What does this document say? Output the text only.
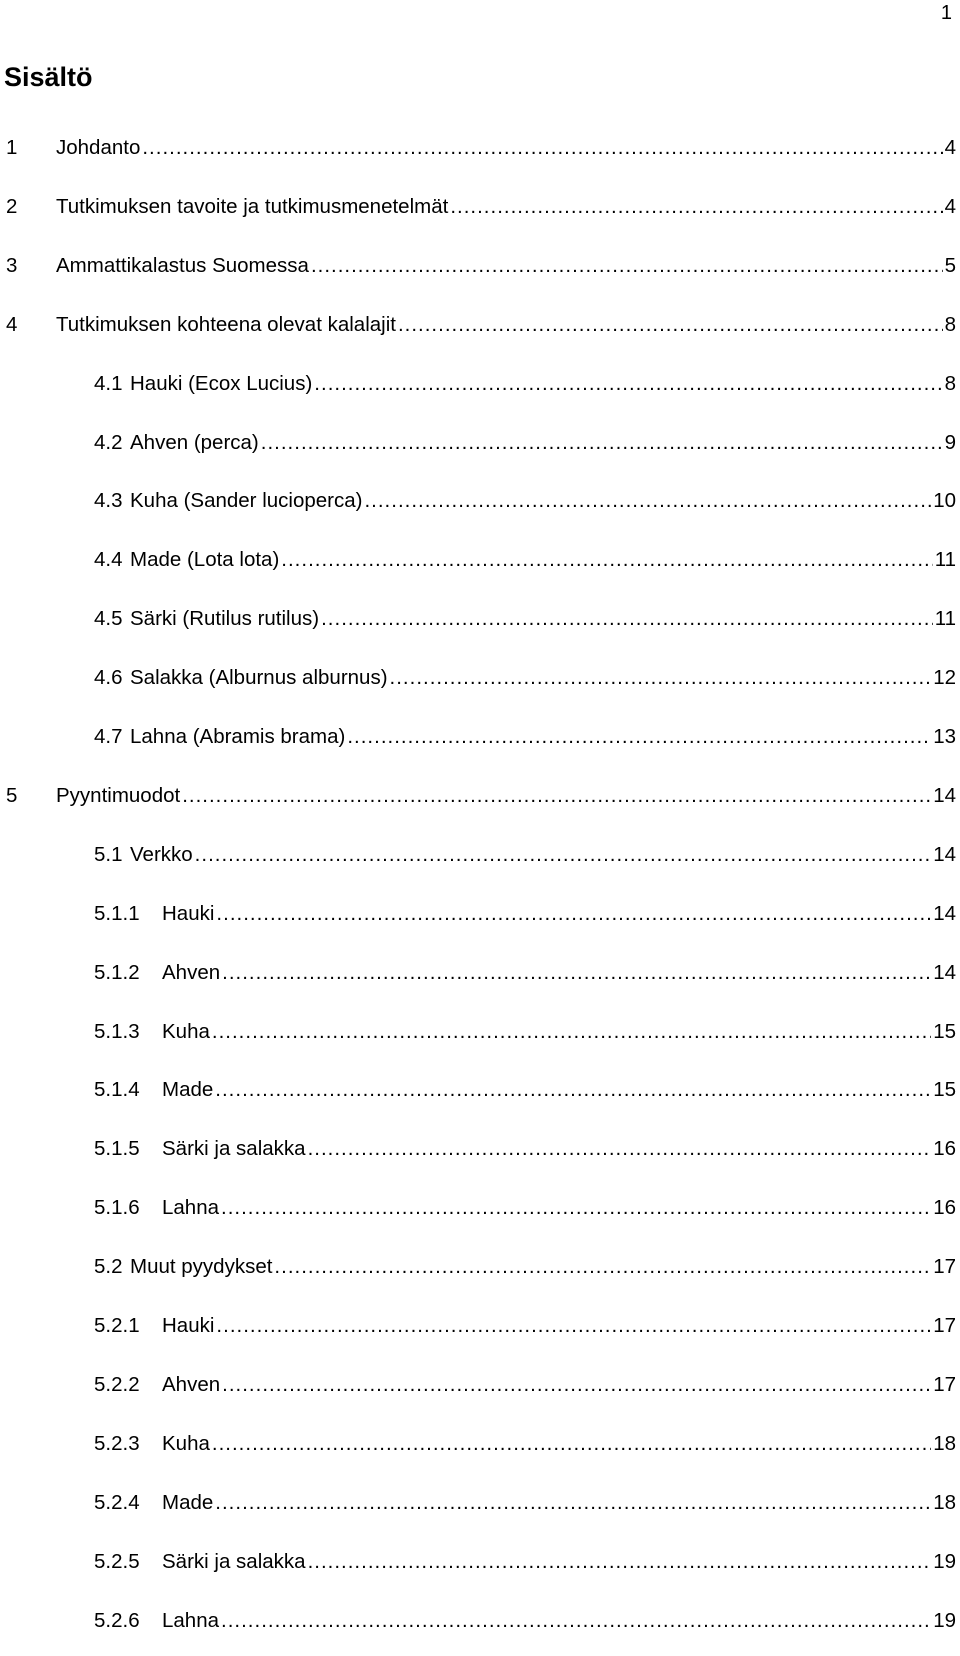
1
Sisältö
1	Johdanto .....	4
2	Tutkimuksen tavoite ja tutkimusmenetelmät .....	4
3	Ammattikalastus Suomessa .....	5
4	Tutkimuksen kohteena olevat kalalajit .....	8
4.1 Hauki (Ecox Lucius) .....	8
4.2 Ahven (perca) .....	9
4.3 Kuha (Sander lucioperca) .....	10
4.4 Made (Lota lota) .....	11
4.5 Särki (Rutilus rutilus) .....	11
4.6 Salakka (Alburnus alburnus) .....	12
4.7 Lahna (Abramis brama) .....	13
5	Pyyntimuodot .....	14
5.1 Verkko .....	14
5.1.1	Hauki .....	14
5.1.2	Ahven .....	14
5.1.3	Kuha .....	15
5.1.4	Made .....	15
5.1.5	Särki ja salakka .....	16
5.1.6	Lahna .....	16
5.2 Muut pyydykset .....	17
5.2.1	Hauki .....	17
5.2.2	Ahven .....	17
5.2.3	Kuha .....	18
5.2.4	Made .....	18
5.2.5	Särki ja salakka .....	19
5.2.6	Lahna .....	19
